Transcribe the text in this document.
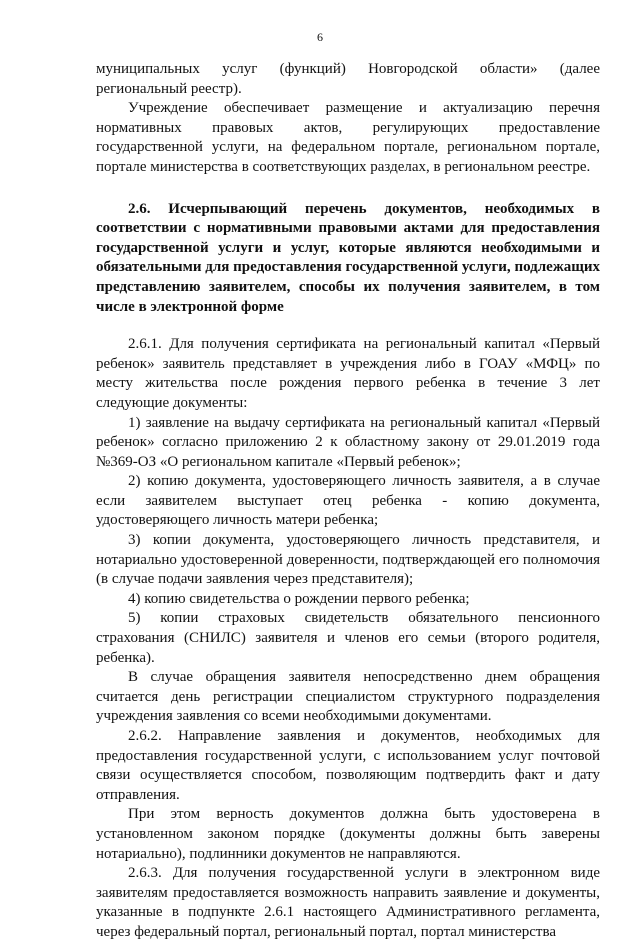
6

муниципальных услуг (функций) Новгородской области» (далее региональный реестр).

Учреждение обеспечивает размещение и актуализацию перечня нормативных правовых актов, регулирующих предоставление государственной услуги, на федеральном портале, региональном портале, портале министерства в соответствующих разделах, в региональном реестре.

2.6. Исчерпывающий перечень документов, необходимых в соответствии с нормативными правовыми актами для предоставления государственной услуги и услуг, которые являются необходимыми и обязательными для предоставления государственной услуги, подлежащих представлению заявителем, способы их получения заявителем, в том числе в электронной форме

2.6.1. Для получения сертификата на региональный капитал «Первый ребенок» заявитель представляет в учреждения либо в ГОАУ «МФЦ» по месту жительства после рождения первого ребенка в течение 3 лет следующие документы:

1) заявление на выдачу сертификата на региональный капитал «Первый ребенок» согласно приложению 2 к областному закону от 29.01.2019 года №369-ОЗ «О региональном капитале «Первый ребенок»;

2) копию документа, удостоверяющего личность заявителя, а в случае если заявителем выступает отец ребенка - копию документа, удостоверяющего личность матери ребенка;

3) копии документа, удостоверяющего личность представителя, и нотариально удостоверенной доверенности, подтверждающей его полномочия (в случае подачи заявления через представителя);

4) копию свидетельства о рождении первого ребенка;

5) копии страховых свидетельств обязательного пенсионного страхования (СНИЛС) заявителя и членов его семьи (второго родителя, ребенка).

В случае обращения заявителя непосредственно днем обращения считается день регистрации специалистом структурного подразделения учреждения заявления со всеми необходимыми документами.

2.6.2. Направление заявления и документов, необходимых для предоставления государственной услуги, с использованием услуг почтовой связи осуществляется способом, позволяющим подтвердить факт и дату отправления.

При этом верность документов должна быть удостоверена в установленном законом порядке (документы должны быть заверены нотариально), подлинники документов не направляются.

2.6.3. Для получения государственной услуги в электронном виде заявителям предоставляется возможность направить заявление и документы, указанные в подпункте 2.6.1 настоящего Административного регламента, через федеральный портал, региональный портал, портал министерства
